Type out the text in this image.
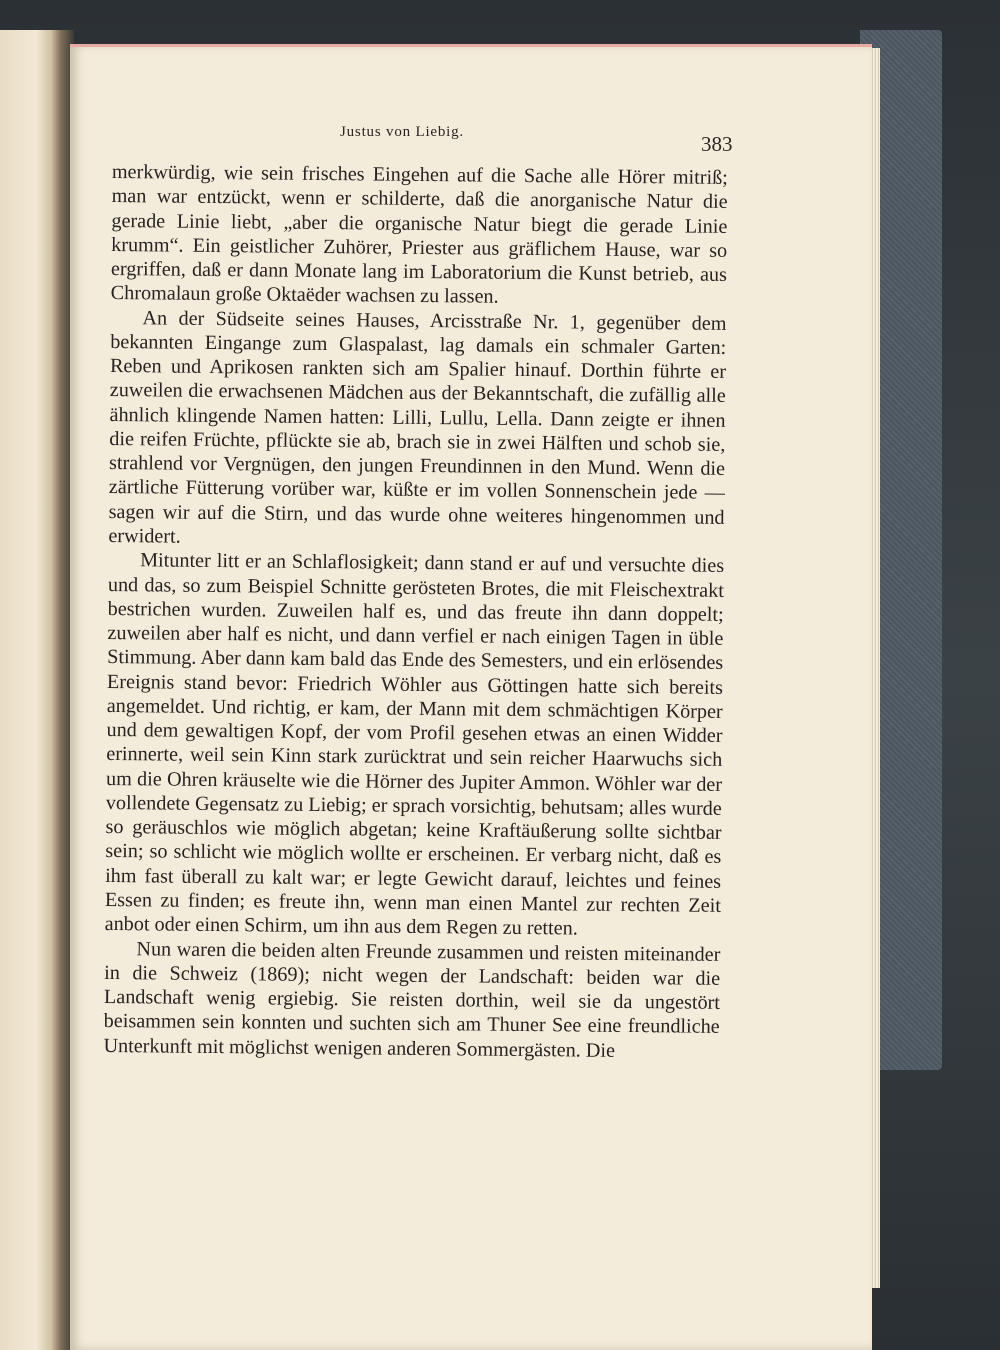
Justus von Liebig.	383

merkwürdig, wie sein frisches Eingehen auf die Sache alle Hörer mitriß; man war entzückt, wenn er schilderte, daß die anorganische Natur die gerade Linie liebt, „aber die organische Natur biegt die gerade Linie krumm“. Ein geistlicher Zuhörer, Priester aus gräflichem Hause, war so ergriffen, daß er dann Monate lang im Laboratorium die Kunst betrieb, aus Chromalaun große Oktaëder wachsen zu lassen.

An der Südseite seines Hauses, Arcisstraße Nr. 1, gegenüber dem bekannten Eingange zum Glaspalast, lag damals ein schmaler Garten: Reben und Aprikosen rankten sich am Spalier hinauf. Dorthin führte er zuweilen die erwachsenen Mädchen aus der Bekanntschaft, die zufällig alle ähnlich klingende Namen hatten: Lilli, Lullu, Lella. Dann zeigte er ihnen die reifen Früchte, pflückte sie ab, brach sie in zwei Hälften und schob sie, strahlend vor Vergnügen, den jungen Freundinnen in den Mund. Wenn die zärtliche Fütterung vorüber war, küßte er im vollen Sonnenschein jede — sagen wir auf die Stirn, und das wurde ohne weiteres hingenommen und erwidert.

Mitunter litt er an Schlaflosigkeit; dann stand er auf und versuchte dies und das, so zum Beispiel Schnitte gerösteten Brotes, die mit Fleischextrakt bestrichen wurden. Zuweilen half es, und das freute ihn dann doppelt; zuweilen aber half es nicht, und dann verfiel er nach einigen Tagen in üble Stimmung. Aber dann kam bald das Ende des Semesters, und ein erlösendes Ereignis stand bevor: Friedrich Wöhler aus Göttingen hatte sich bereits angemeldet. Und richtig, er kam, der Mann mit dem schmächtigen Körper und dem gewaltigen Kopf, der vom Profil gesehen etwas an einen Widder erinnerte, weil sein Kinn stark zurücktrat und sein reicher Haarwuchs sich um die Ohren kräuselte wie die Hörner des Jupiter Ammon. Wöhler war der vollendete Gegensatz zu Liebig; er sprach vorsichtig, behutsam; alles wurde so geräuschlos wie möglich abgetan; keine Kraftäußerung sollte sichtbar sein; so schlicht wie möglich wollte er erscheinen. Er verbarg nicht, daß es ihm fast überall zu kalt war; er legte Gewicht darauf, leichtes und feines Essen zu finden; es freute ihn, wenn man einen Mantel zur rechten Zeit anbot oder einen Schirm, um ihn aus dem Regen zu retten.

Nun waren die beiden alten Freunde zusammen und reisten miteinander in die Schweiz (1869); nicht wegen der Landschaft: beiden war die Landschaft wenig ergiebig. Sie reisten dorthin, weil sie da ungestört beisammen sein konnten und suchten sich am Thuner See eine freundliche Unterkunft mit möglichst wenigen anderen Sommergästen. Die
